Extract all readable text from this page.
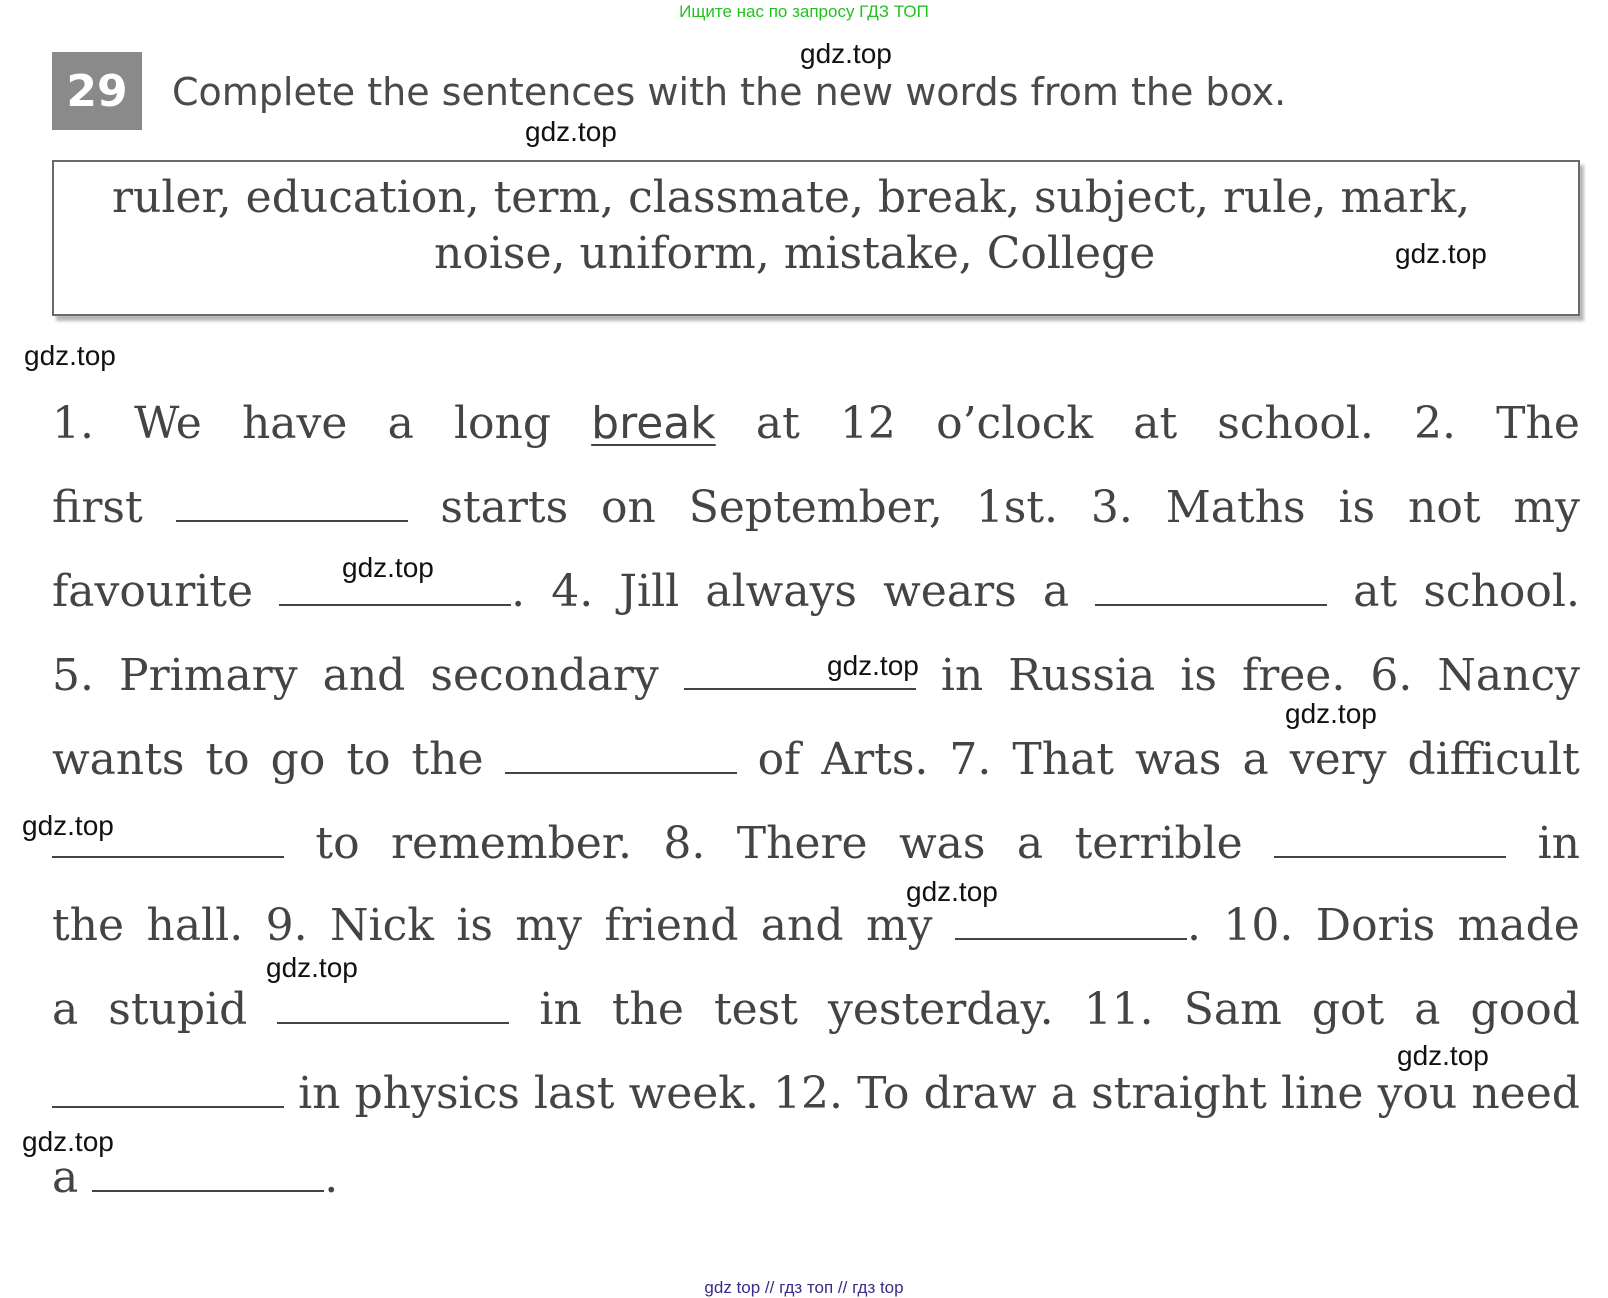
Ищите нас по запросу ГДЗ ТОП
29	Complete the sentences with the new words from the box.
ruler, education, term, classmate, break, subject, rule, mark,
noise, uniform, mistake, College
1. We have a long break at 12 o’clock at school. 2. The
first	starts on September, 1st. 3. Maths is not my
favourite	. 4. Jill always wears a	at school.
5. Primary and secondary	in Russia is free. 6. Nancy
wants to go to the	of Arts. 7. That was a very difficult
to remember. 8. There was a terrible	in
the hall. 9. Nick is my friend and my	. 10. Doris made
a stupid	in the test yesterday. 11. Sam got a good
in physics last week. 12. To draw a straight line you need
a	.
gdz.top
gdz.top
gdz.top
gdz.top
gdz.top
gdz.top
gdz.top
gdz.top
gdz.top
gdz.top
gdz.top
gdz.top
gdz top // гдз топ // гдз top
